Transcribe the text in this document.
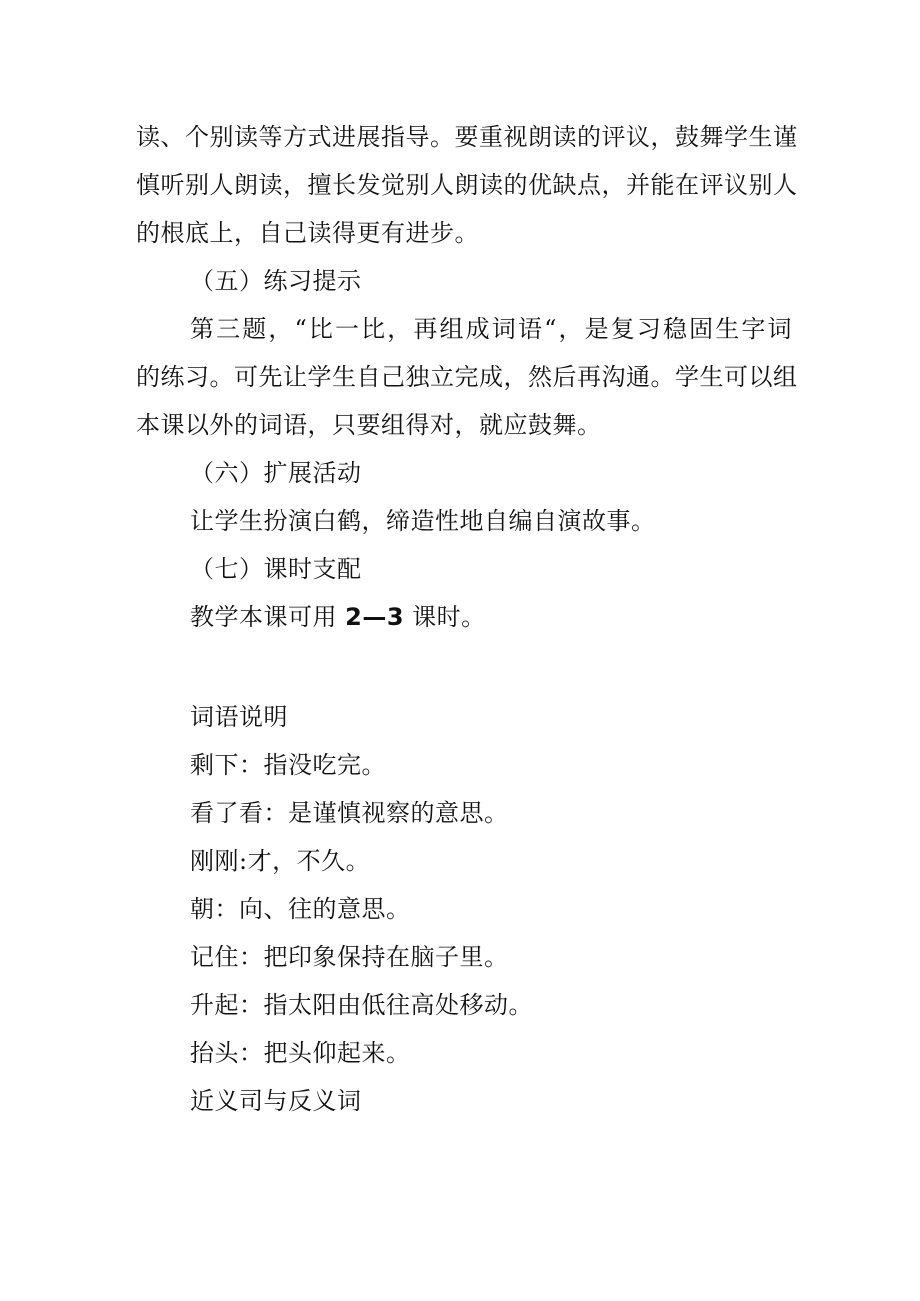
读、个别读等方式进展指导。要重视朗读的评议，鼓舞学生谨
慎听别人朗读，擅长发觉别人朗读的优缺点，并能在评议别人
的根底上，自己读得更有进步。
（五）练习提示
第三题，“比一比，再组成词语“，是复习稳固生字词
的练习。可先让学生自己独立完成，然后再沟通。学生可以组
本课以外的词语，只要组得对，就应鼓舞。
（六）扩展活动
让学生扮演白鹤，缔造性地自编自演故事。
（七）课时支配
教学本课可用 2—3 课时。
词语说明
剩下：指没吃完。
看了看：是谨慎视察的意思。
刚刚:才，不久。
朝：向、往的意思。
记住：把印象保持在脑子里。
升起：指太阳由低往高处移动。
抬头：把头仰起来。
近义司与反义词
